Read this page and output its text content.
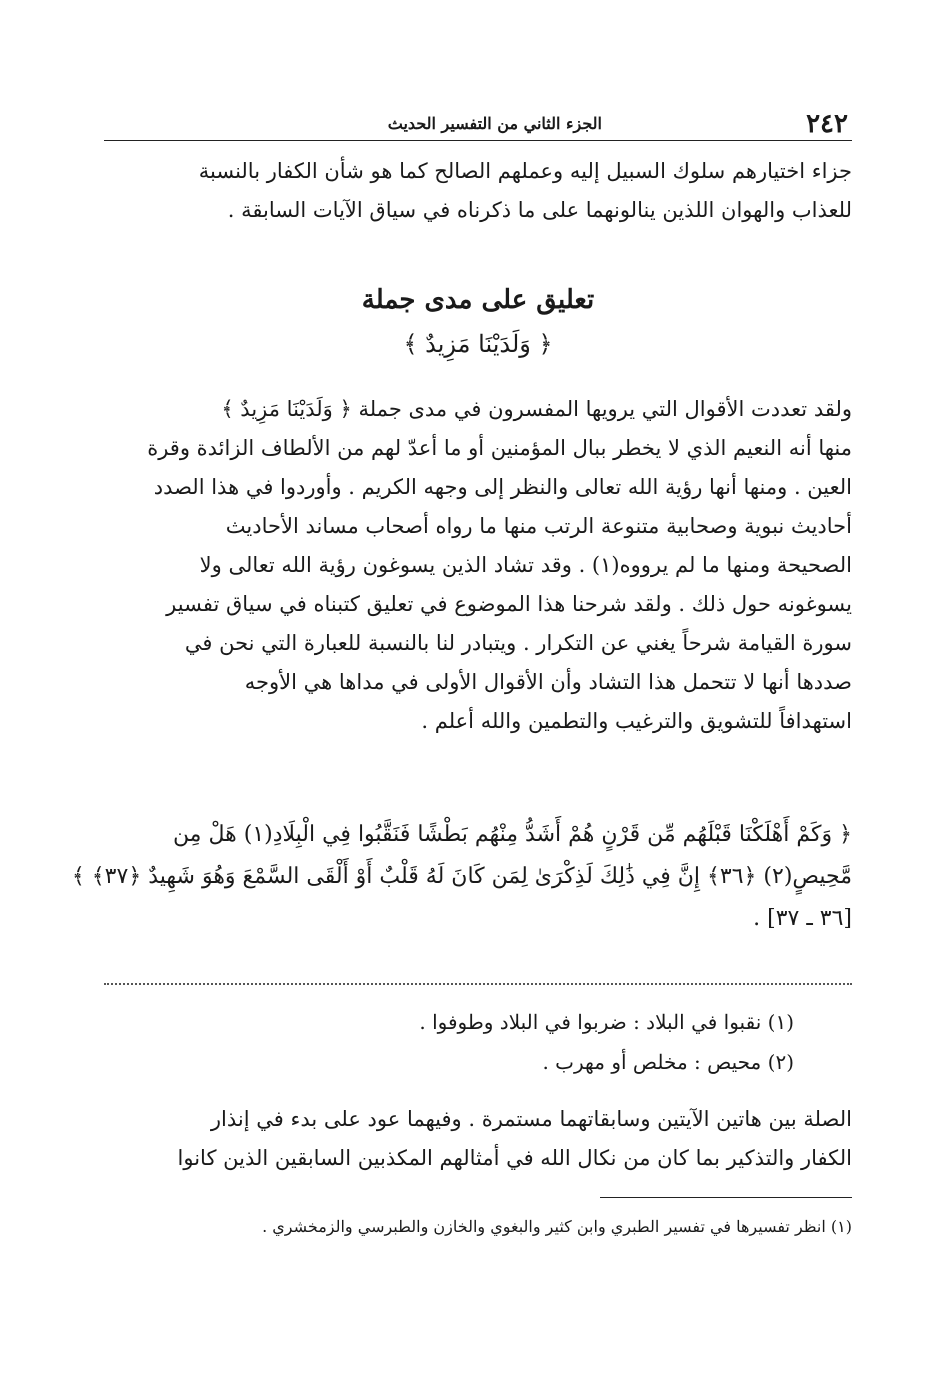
٢٤٢
الجزء الثاني من التفسير الحديث
جزاء اختيارهم سلوك السبيل إليه وعملهم الصالح كما هو شأن الكفار بالنسبة
للعذاب والهوان اللذين ينالونهما على ما ذكرناه في سياق الآيات السابقة .
تعليق على مدى جملة
﴿ وَلَدَيْنَا مَزِيدٌ ﴾
ولقد تعددت الأقوال التي يرويها المفسرون في مدى جملة ﴿ وَلَدَيْنَا مَزِيدٌ ﴾
منها أنه النعيم الذي لا يخطر ببال المؤمنين أو ما أعدّ لهم من الألطاف الزائدة وقرة
العين . ومنها أنها رؤية الله تعالى والنظر إلى وجهه الكريم . وأوردوا في هذا الصدد
أحاديث نبوية وصحابية متنوعة الرتب منها ما رواه أصحاب مساند الأحاديث
الصحيحة ومنها ما لم يرووه(١) . وقد تشاد الذين يسوغون رؤية الله تعالى ولا
يسوغونه حول ذلك . ولقد شرحنا هذا الموضوع في تعليق كتبناه في سياق تفسير
سورة القيامة شرحاً يغني عن التكرار . ويتبادر لنا بالنسبة للعبارة التي نحن في
صددها أنها لا تتحمل هذا التشاد وأن الأقوال الأولى في مداها هي الأوجه
استهدافاً للتشويق والترغيب والتطمين والله أعلم .
﴿ وَكَمْ أَهْلَكْنَا قَبْلَهُم مِّن قَرْنٍ هُمْ أَشَدُّ مِنْهُم بَطْشًا فَنَقَّبُوا فِي الْبِلَادِ(١) هَلْ مِن
مَّحِيصٍ(٢) ﴿٣٦﴾ إِنَّ فِي ذَٰلِكَ لَذِكْرَىٰ لِمَن كَانَ لَهُ قَلْبٌ أَوْ أَلْقَى السَّمْعَ وَهُوَ شَهِيدٌ ﴿٣٧﴾ ﴾
[٣٦ ـ ٣٧] .
(١) نقبوا في البلاد : ضربوا في البلاد وطوفوا .
(٢) محيص : مخلص أو مهرب .
الصلة بين هاتين الآيتين وسابقاتهما مستمرة . وفيهما عود على بدء في إنذار
الكفار والتذكير بما كان من نكال الله في أمثالهم المكذبين السابقين الذين كانوا
(١) انظر تفسيرها في تفسير الطبري وابن كثير والبغوي والخازن والطبرسي والزمخشري .
